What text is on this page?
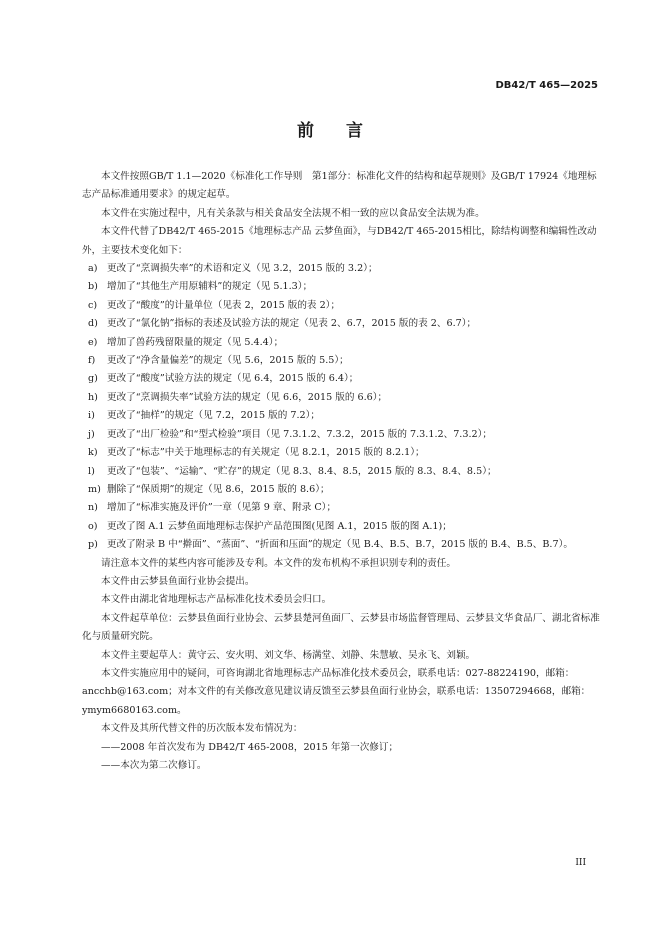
DB42/T 465—2025
前 言

本文件按照GB/T 1.1—2020《标准化工作导则　第1部分：标准化文件的结构和起草规则》及GB/T 17924《地理标志产品标准通用要求》的规定起草。

本文件在实施过程中，凡有关条款与相关食品安全法规不相一致的应以食品安全法规为准。

本文件代替了DB42/T 465-2015《地理标志产品 云梦鱼面》，与DB42/T 465-2015相比，除结构调整和编辑性改动外，主要技术变化如下：

a) 更改了“烹调损失率”的术语和定义（见 3.2，2015 版的 3.2）；
b) 增加了“其他生产用原辅料”的规定（见 5.1.3）；
c)	更改了“酸度”的计量单位（见表 2，2015 版的表 2）；
d) 更改了“氯化钠”指标的表述及试验方法的规定（见表 2、6.7，2015 版的表 2、6.7）；
e) 增加了兽药残留限量的规定（见 5.4.4）；
f)	更改了“净含量偏差”的规定（见 5.6，2015 版的 5.5）；
g) 更改了“酸度”试验方法的规定（见 6.4，2015 版的 6.4）；
h) 更改了“烹调损失率”试验方法的规定（见 6.6，2015 版的 6.6）；
i)	更改了“抽样”的规定（见 7.2，2015 版的 7.2）；
j)	更改了“出厂检验”和“型式检验”项目（见 7.3.1.2、7.3.2，2015 版的 7.3.1.2、7.3.2）；
k) 更改了“标志”中关于地理标志的有关规定（见 8.2.1，2015 版的 8.2.1）；
l)	更改了“包装”、“运输”、“贮存”的规定（见 8.3、8.4、8.5，2015 版的 8.3、8.4、8.5）；
m) 删除了“保质期”的规定（见 8.6，2015 版的 8.6）；
n) 增加了“标准实施及评价”一章（见第 9 章、附录 C）；
o) 更改了图 A.1 云梦鱼面地理标志保护产品范围图(见图 A.1，2015 版的图 A.1)；
p) 更改了附录 B 中“擀面”、“蒸面”、“折面和压面”的规定（见 B.4、B.5、B.7，2015 版的 B.4、B.5、B.7）。

请注意本文件的某些内容可能涉及专利。本文件的发布机构不承担识别专利的责任。

本文件由云梦县鱼面行业协会提出。

本文件由湖北省地理标志产品标准化技术委员会归口。

本文件起草单位：云梦县鱼面行业协会、云梦县楚河鱼面厂、云梦县市场监督管理局、云梦县文华食品厂、湖北省标准化与质量研究院。

本文件主要起草人：黄守云、安火明、刘文华、杨满堂、刘静、朱慧敏、吴永飞、刘颖。

本文件实施应用中的疑问，可咨询湖北省地理标志产品标准化技术委员会，联系电话：027-88224190，邮箱：ancchb@163.com；对本文件的有关修改意见建议请反馈至云梦县鱼面行业协会，联系电话：13507294668，邮箱：ymym6680163.com。

本文件及其所代替文件的历次版本发布情况为：

——2008 年首次发布为 DB42/T 465-2008，2015 年第一次修订；

——本次为第二次修订。

III
